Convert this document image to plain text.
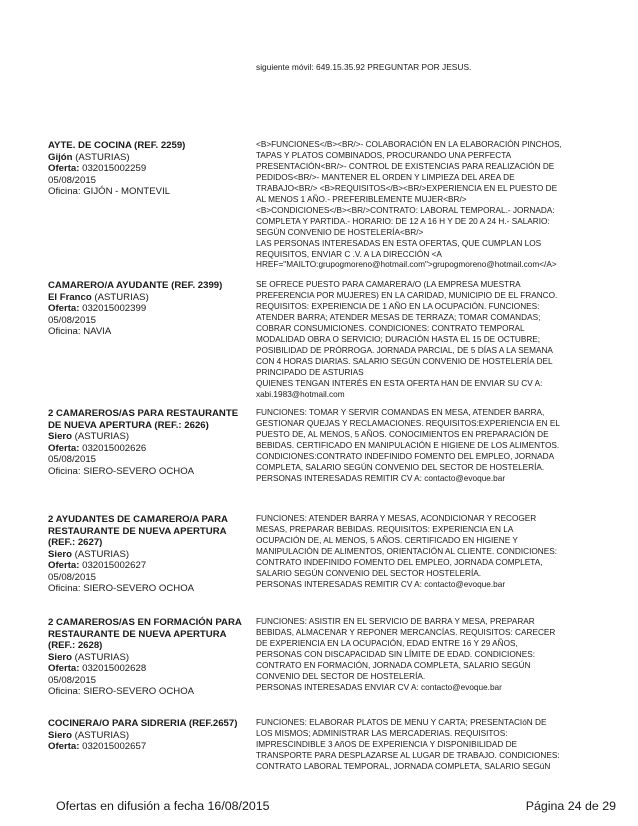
siguiente móvil: 649.15.35.92 PREGUNTAR POR JESUS.
AYTE. DE COCINA (REF. 2259)
Gijón (ASTURIAS)
Oferta: 032015002259
05/08/2015
Oficina: GIJÓN - MONTEVIL
<B>FUNCIONES</B><BR/>- COLABORACIÓN EN LA ELABORACIÓN PINCHOS,
TAPAS Y PLATOS COMBINADOS, PROCURANDO UNA PERFECTA
PRESENTACIÓN<BR/>- CONTROL DE EXISTENCIAS PARA REALIZACIÓN DE
PEDIDOS<BR/>- MANTENER EL ORDEN Y LIMPIEZA DEL AREA DE
TRABAJO<BR/> <B>REQUISITOS</B><BR/>EXPERIENCIA EN EL PUESTO DE
AL MENOS 1 AÑO.- PREFERIBLEMENTE MUJER<BR/>
<B>CONDICIONES</B><BR/>CONTRATO: LABORAL TEMPORAL.- JORNADA:
COMPLETA Y PARTIDA.- HORARIO: DE 12 A 16 H Y DE 20 A 24 H.- SALARIO:
SEGÚN CONVENIO DE HOSTELERÍA<BR/>
LAS PERSONAS INTERESADAS EN ESTA OFERTAS, QUE CUMPLAN LOS
REQUISITOS, ENVIAR C .V. A LA DIRECCIÓN <A
HREF="MAILTO:grupogmoreno@hotmail.com">grupogmoreno@hotmail.com</A>
CAMARERO/A AYUDANTE (REF. 2399)
El Franco (ASTURIAS)
Oferta: 032015002399
05/08/2015
Oficina: NAVIA
SE OFRECE PUESTO PARA CAMARERA/O (LA EMPRESA MUESTRA
PREFERENCIA POR MUJERES) EN LA CARIDAD, MUNICIPIO DE EL FRANCO.
REQUISITOS: EXPERIENCIA DE 1 AÑO EN LA OCUPACIÓN. FUNCIONES:
ATENDER BARRA; ATENDER MESAS DE TERRAZA; TOMAR COMANDAS;
COBRAR CONSUMICIONES. CONDICIONES: CONTRATO TEMPORAL
MODALIDAD OBRA O SERVICIO; DURACIÓN HASTA EL 15 DE OCTUBRE;
POSIBILIDAD DE PRÓRROGA. JORNADA PARCIAL, DE 5 DÍAS A LA SEMANA
CON 4 HORAS DIARIAS. SALARIO SEGÚN CONVENIO DE HOSTELERÍA DEL
PRINCIPADO DE ASTURIAS
QUIENES TENGAN INTERÉS EN ESTA OFERTA HAN DE ENVIAR SU CV A:
xabi.1983@hotmail.com
2 CAMAREROS/AS PARA RESTAURANTE DE NUEVA APERTURA (REF.: 2626)
Siero (ASTURIAS)
Oferta: 032015002626
05/08/2015
Oficina: SIERO-SEVERO OCHOA
FUNCIONES: TOMAR Y SERVIR COMANDAS EN MESA, ATENDER BARRA,
GESTIONAR QUEJAS Y RECLAMACIONES. REQUISITOS:EXPERIENCIA EN EL
PUESTO DE, AL MENOS, 5 AÑOS. CONOCIMIENTOS EN PREPARACIÓN DE
BEBIDAS. CERTIFICADO EN MANIPULACIÓN E HIGIENE DE LOS ALIMENTOS.
CONDICIONES:CONTRATO INDEFINIDO FOMENTO DEL EMPLEO, JORNADA
COMPLETA, SALARIO SEGÚN CONVENIO DEL SECTOR DE HOSTELERÍA.
PERSONAS INTERESADAS REMITIR CV A: contacto@evoque.bar
2 AYUDANTES DE CAMARERO/A PARA RESTAURANTE DE NUEVA APERTURA (REF.: 2627)
Siero (ASTURIAS)
Oferta: 032015002627
05/08/2015
Oficina: SIERO-SEVERO OCHOA
FUNCIONES: ATENDER BARRA Y MESAS, ACONDICIONAR Y RECOGER
MESAS, PREPARAR BEBIDAS. REQUISITOS: EXPERIENCIA EN LA
OCUPACIÓN DE, AL MENOS, 5 AÑOS. CERTIFICADO EN HIGIENE Y
MANIPULACIÓN DE ALIMENTOS, ORIENTACIÓN AL CLIENTE. CONDICIONES:
CONTRATO INDEFINIDO FOMENTO DEL EMPLEO, JORNADA COMPLETA,
SALARIO SEGÚN CONVENIO DEL SECTOR HOSTELERÍA.
PERSONAS INTERESADAS REMITIR CV A: contacto@evoque.bar
2 CAMAREROS/AS EN FORMACIÓN PARA RESTAURANTE DE NUEVA APERTURA (REF.: 2628)
Siero (ASTURIAS)
Oferta: 032015002628
05/08/2015
Oficina: SIERO-SEVERO OCHOA
FUNCIONES: ASISTIR EN EL SERVICIO DE BARRA Y MESA, PREPARAR
BEBIDAS, ALMACENAR Y REPONER MERCANCÍAS. REQUISITOS: CARECER
DE EXPERIENCIA EN LA OCUPACIÓN, EDAD ENTRE 16 Y 29 AÑOS,
PERSONAS CON DISCAPACIDAD SIN LÍMITE DE EDAD. CONDICIONES:
CONTRATO EN FORMACIÓN, JORNADA COMPLETA, SALARIO SEGÚN
CONVENIO DEL SECTOR DE HOSTELERÍA.
PERSONAS INTERESADAS ENVIAR CV A: contacto@evoque.bar
COCINERA/O PARA SIDRERIA (REF.2657)
Siero (ASTURIAS)
Oferta: 032015002657
FUNCIONES: ELABORAR PLATOS DE MENU Y CARTA; PRESENTACIóN DE
LOS MISMOS; ADMINISTRAR LAS MERCADERIAS. REQUISITOS:
IMPRESCINDIBLE 3 AñOS DE EXPERIENCIA Y DISPONIBILIDAD DE
TRANSPORTE PARA DESPLAZARSE AL LUGAR DE TRABAJO. CONDICIONES:
CONTRATO LABORAL TEMPORAL, JORNADA COMPLETA, SALARIO SEGúN
Ofertas en difusión a fecha 16/08/2015	Página 24 de 29
